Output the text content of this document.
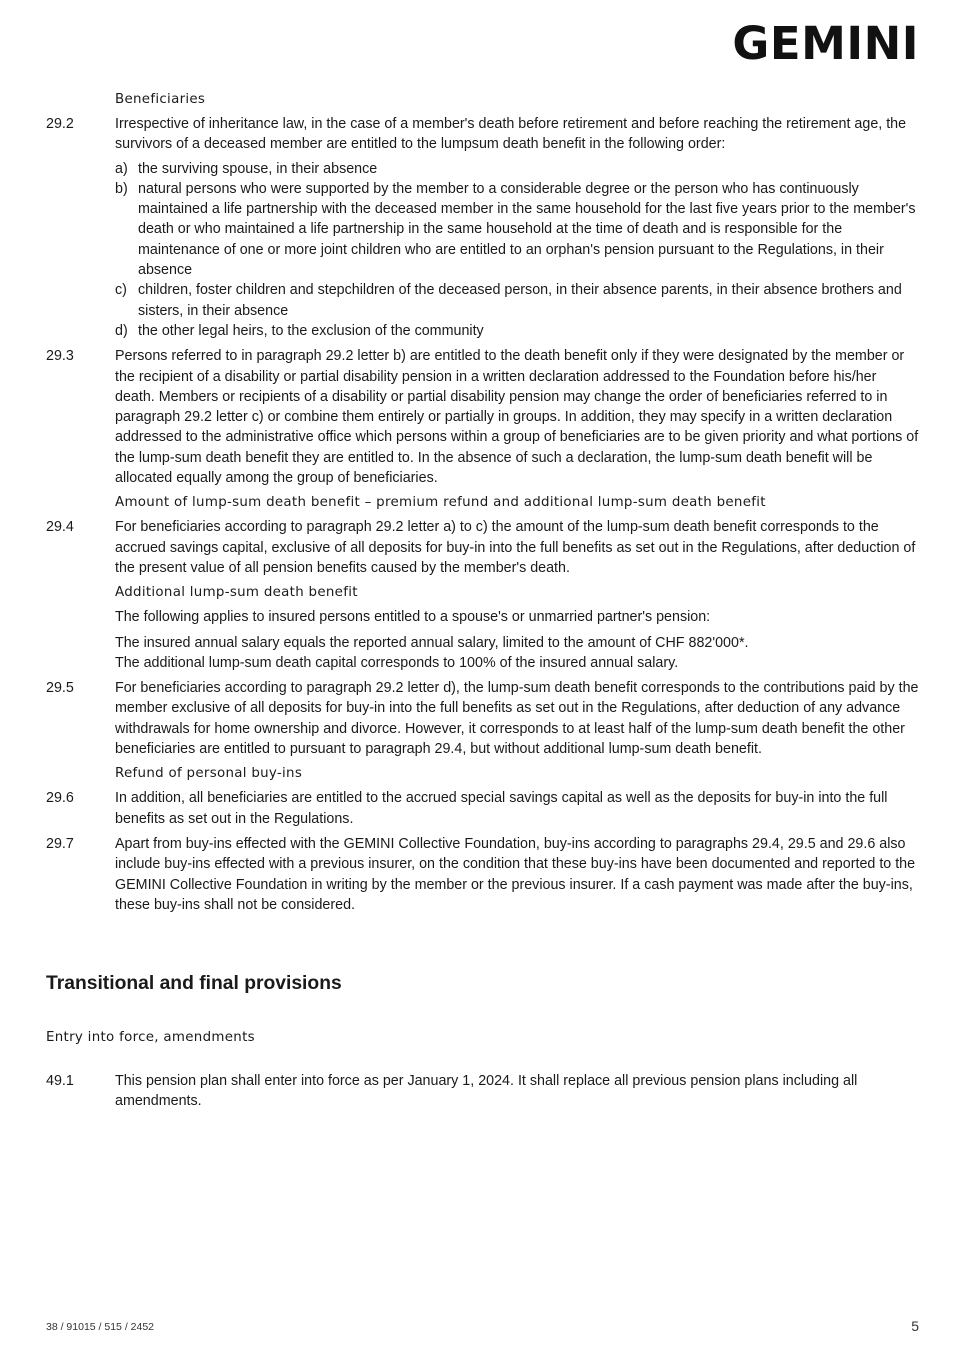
GEMINI
Beneficiaries
29.2	Irrespective of inheritance law, in the case of a member's death before retirement and before reaching the retirement age, the survivors of a deceased member are entitled to the lumpsum death benefit in the following order:
a) the surviving spouse, in their absence
b) natural persons who were supported by the member to a considerable degree or the person who has continuously maintained a life partnership with the deceased member in the same household for the last five years prior to the member's death or who maintained a life partnership in the same household at the time of death and is responsible for the maintenance of one or more joint children who are entitled to an orphan's pension pursuant to the Regulations, in their absence
c) children, foster children and stepchildren of the deceased person, in their absence parents, in their absence brothers and sisters, in their absence
d) the other legal heirs, to the exclusion of the community
29.3	Persons referred to in paragraph 29.2 letter b) are entitled to the death benefit only if they were designated by the member or the recipient of a disability or partial disability pension in a written declaration addressed to the Foundation before his/her death. Members or recipients of a disability or partial disability pension may change the order of beneficiaries referred to in paragraph 29.2 letter c) or combine them entirely or partially in groups. In addition, they may specify in a written declaration addressed to the administrative office which persons within a group of beneficiaries are to be given priority and what portions of the lump-sum death benefit they are entitled to. In the absence of such a declaration, the lump-sum death benefit will be allocated equally among the group of beneficiaries.
Amount of lump-sum death benefit – premium refund and additional lump-sum death benefit
29.4	For beneficiaries according to paragraph 29.2 letter a) to c) the amount of the lump-sum death benefit corresponds to the accrued savings capital, exclusive of all deposits for buy-in into the full benefits as set out in the Regulations, after deduction of the present value of all pension benefits caused by the member's death.
Additional lump-sum death benefit
The following applies to insured persons entitled to a spouse's or unmarried partner's pension:
The insured annual salary equals the reported annual salary, limited to the amount of CHF 882'000*.
The additional lump-sum death capital corresponds to 100% of the insured annual salary.
29.5	For beneficiaries according to paragraph 29.2 letter d), the lump-sum death benefit corresponds to the contributions paid by the member exclusive of all deposits for buy-in into the full benefits as set out in the Regulations, after deduction of any advance withdrawals for home ownership and divorce. However, it corresponds to at least half of the lump-sum death benefit the other beneficiaries are entitled to pursuant to paragraph 29.4, but without additional lump-sum death benefit.
Refund of personal buy-ins
29.6	In addition, all beneficiaries are entitled to the accrued special savings capital as well as the deposits for buy-in into the full benefits as set out in the Regulations.
29.7	Apart from buy-ins effected with the GEMINI Collective Foundation, buy-ins according to paragraphs 29.4, 29.5 and 29.6 also include buy-ins effected with a previous insurer, on the condition that these buy-ins have been documented and reported to the GEMINI Collective Foundation in writing by the member or the previous insurer. If a cash payment was made after the buy-ins, these buy-ins shall not be considered.
Transitional and final provisions
Entry into force, amendments
49.1	This pension plan shall enter into force as per January 1, 2024. It shall replace all previous pension plans including all amendments.
38 / 91015 / 515 / 2452	5
